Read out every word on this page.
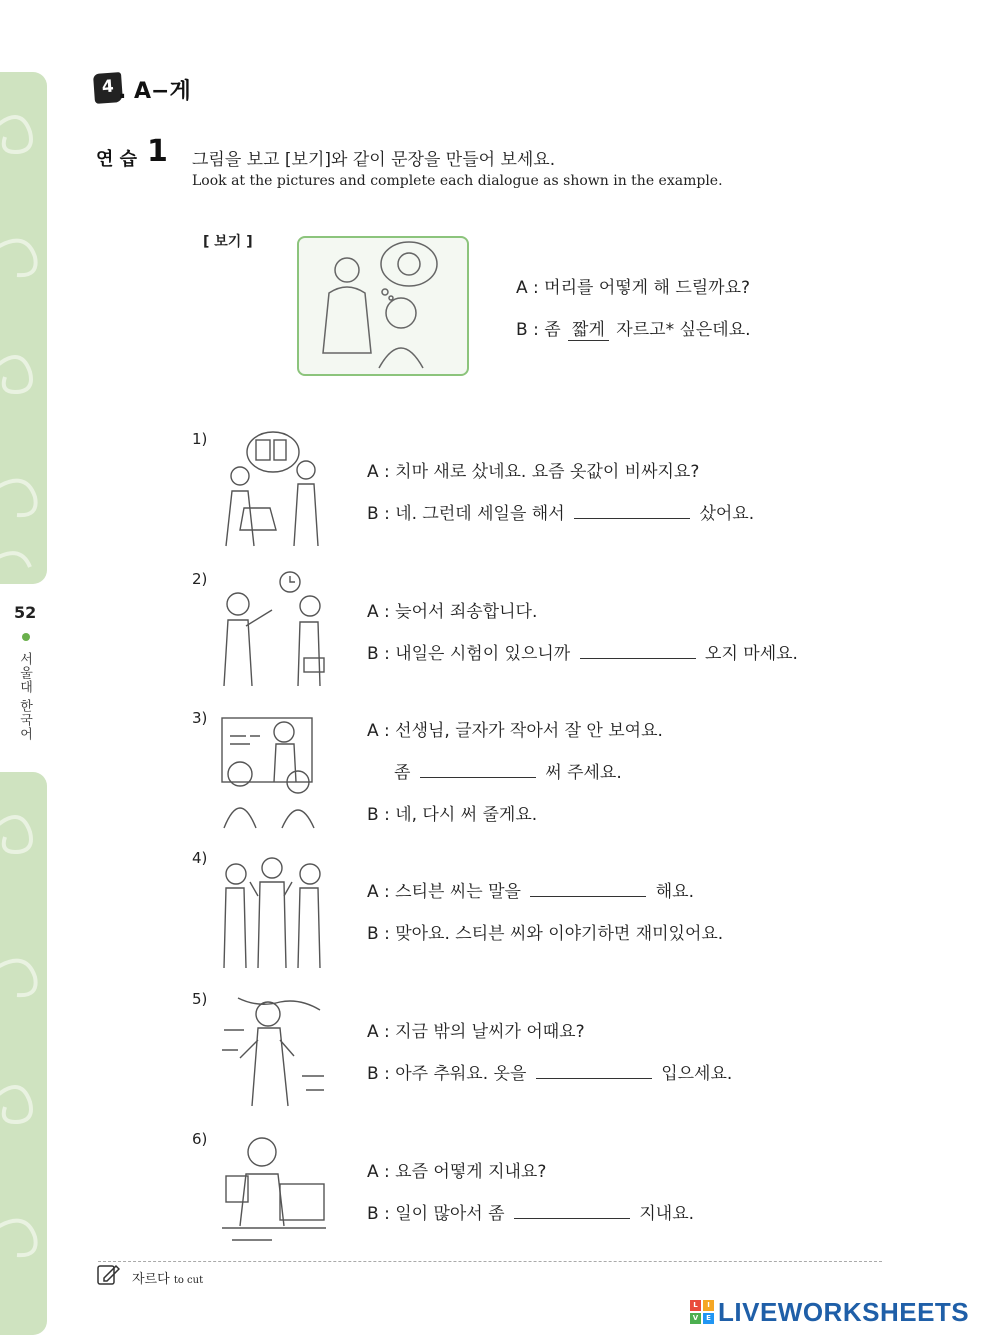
52
서울대 한국어
4 . A−게
연 습 1 그림을 보고 [보기]와 같이 문장을 만들어 보세요.
Look at the pictures and complete each dialogue as shown in the example.
[ 보기 ]
A : 머리를 어떻게 해 드릴까요?
B : 좀 짧게 자르고* 싶은데요.
1)
A : 치마 새로 샀네요. 요즘 옷값이 비싸지요?
B : 네. 그런데 세일을 해서	샀어요.
2)
A : 늦어서 죄송합니다.
B : 내일은 시험이 있으니까	오지 마세요.
3)
A : 선생님, 글자가 작아서 잘 안 보여요.
좀	써 주세요.
B : 네, 다시 써 줄게요.
4)
A : 스티븐 씨는 말을	해요.
B : 맞아요. 스티븐 씨와 이야기하면 재미있어요.
5)
A : 지금 밖의 날씨가 어때요?
B : 아주 추워요. 옷을	입으세요.
6)
A : 요즘 어떻게 지내요?
B : 일이 많아서 좀	지내요.
자르다 to cut
L	I
V	E LIVEWORKSHEETS
